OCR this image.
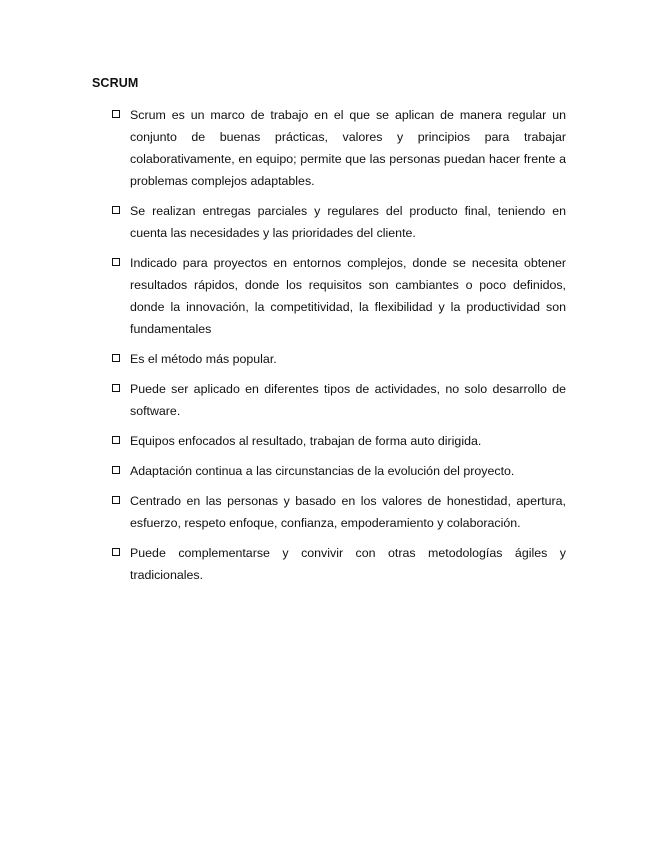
SCRUM
Scrum es un marco de trabajo en el que se aplican de manera regular un conjunto de buenas prácticas, valores y principios para trabajar colaborativamente, en equipo; permite que las personas puedan hacer frente a problemas complejos adaptables.
Se realizan entregas parciales y regulares del producto final, teniendo en cuenta las necesidades y las prioridades del cliente.
Indicado para proyectos en entornos complejos, donde se necesita obtener resultados rápidos, donde los requisitos son cambiantes o poco definidos, donde la innovación, la competitividad, la flexibilidad y la productividad son fundamentales
Es el método más popular.
Puede ser aplicado en diferentes tipos de actividades, no solo desarrollo de software.
Equipos enfocados al resultado, trabajan de forma auto dirigida.
Adaptación continua a las circunstancias de la evolución del proyecto.
Centrado en las personas y basado en los valores de honestidad, apertura, esfuerzo, respeto enfoque, confianza, empoderamiento y colaboración.
Puede complementarse y convivir con otras metodologías ágiles y tradicionales.
